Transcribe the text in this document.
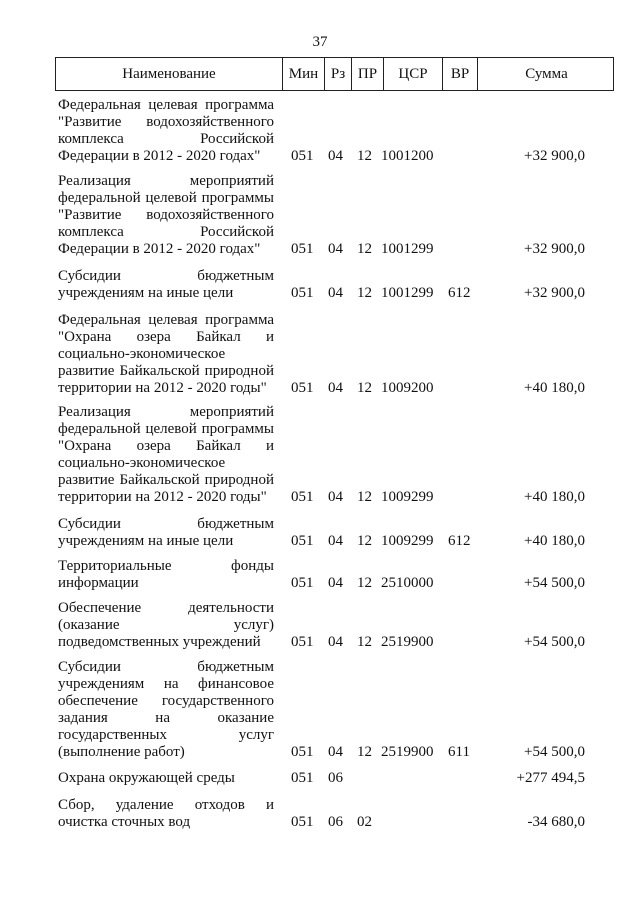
37
Наименование	Мин Рз ПР	ЦСР	ВР	Сумма
Федеральная целевая программа "Развитие водохозяйственного комплекса Российской Федерации в 2012 - 2020 годах"	051 04 12 1001200	+32 900,0
Реализация мероприятий федеральной целевой программы "Развитие водохозяйственного комплекса Российской Федерации в 2012 - 2020 годах"	051 04 12 1001299	+32 900,0
Субсидии бюджетным учреждениям на иные цели	051 04 12 1001299 612	+32 900,0
Федеральная целевая программа "Охрана озера Байкал и социально-экономическое развитие Байкальской природной территории на 2012 - 2020 годы"	051 04 12 1009200	+40 180,0
Реализация мероприятий федеральной целевой программы "Охрана озера Байкал и социально-экономическое развитие Байкальской природной территории на 2012 - 2020 годы"	051 04 12 1009299	+40 180,0
Субсидии бюджетным учреждениям на иные цели	051 04 12 1009299 612	+40 180,0
Территориальные фонды информации	051 04 12 2510000	+54 500,0
Обеспечение деятельности (оказание услуг) подведомственных учреждений	051 04 12 2519900	+54 500,0
Субсидии бюджетным учреждениям на финансовое обеспечение государственного задания на оказание государственных услуг (выполнение работ)	051 04 12 2519900 611	+54 500,0
Охрана окружающей среды	051 06	+277 494,5
Сбор, удаление отходов и очистка сточных вод	051 06 02	-34 680,0
